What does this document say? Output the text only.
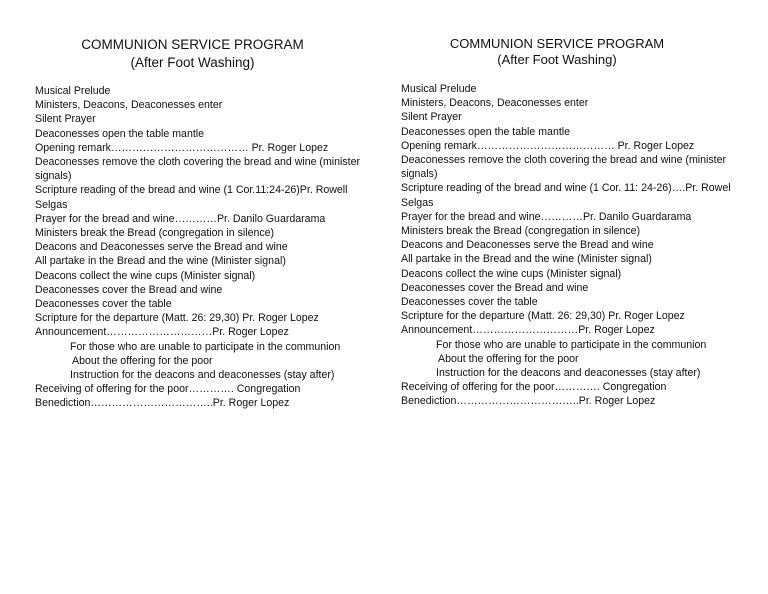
COMMUNION SERVICE PROGRAM

(After Foot Washing)

Musical Prelude
Ministers, Deacons, Deaconesses enter
Silent Prayer
Deaconesses open the table mantle
Opening remark………………………………… Pr. Roger Lopez
Deaconesses remove the cloth covering the bread and wine (minister signals)
Scripture reading of the bread and wine (1 Cor.11:24-26)Pr. Rowell Selgas
Prayer for the bread and wine…………Pr. Danilo Guardarama
Ministers break the Bread (congregation in silence)
Deacons and Deaconesses serve the Bread and wine
All partake in the Bread and the wine (Minister signal)
Deacons collect the wine cups (Minister signal)
Deaconesses cover the Bread and wine
Deaconesses cover the table
Scripture for the departure (Matt. 26: 29,30) Pr. Roger Lopez
Announcement…………………………Pr. Roger Lopez
For those who are unable to participate in the communion
About the offering for the poor
Instruction for the deacons and deaconesses (stay after)
Receiving of offering for the poor…………. Congregation
Benediction……………………………..Pr. Roger Lopez

COMMUNION SERVICE PROGRAM

(After Foot Washing)

Musical Prelude
Ministers, Deacons, Deaconesses enter
Silent Prayer
Deaconesses open the table mantle
Opening remark………………………………… Pr. Roger Lopez
Deaconesses remove the cloth covering the bread and wine (minister signals)
Scripture reading of the bread and wine (1 Cor. 11: 24-26)….Pr. Rowel Selgas
Prayer for the bread and wine…………Pr. Danilo Guardarama
Ministers break the Bread (congregation in silence)
Deacons and Deaconesses serve the Bread and wine
All partake in the Bread and the wine (Minister signal)
Deacons collect the wine cups (Minister signal)
Deaconesses cover the Bread and wine
Deaconesses cover the table
Scripture for the departure (Matt. 26: 29,30) Pr. Roger Lopez
Announcement…………………………Pr. Roger Lopez
For those who are unable to participate in the communion
About the offering for the poor
Instruction for the deacons and deaconesses (stay after)
Receiving of offering for the poor…………. Congregation
Benediction……………………………..Pr. Roger Lopez
